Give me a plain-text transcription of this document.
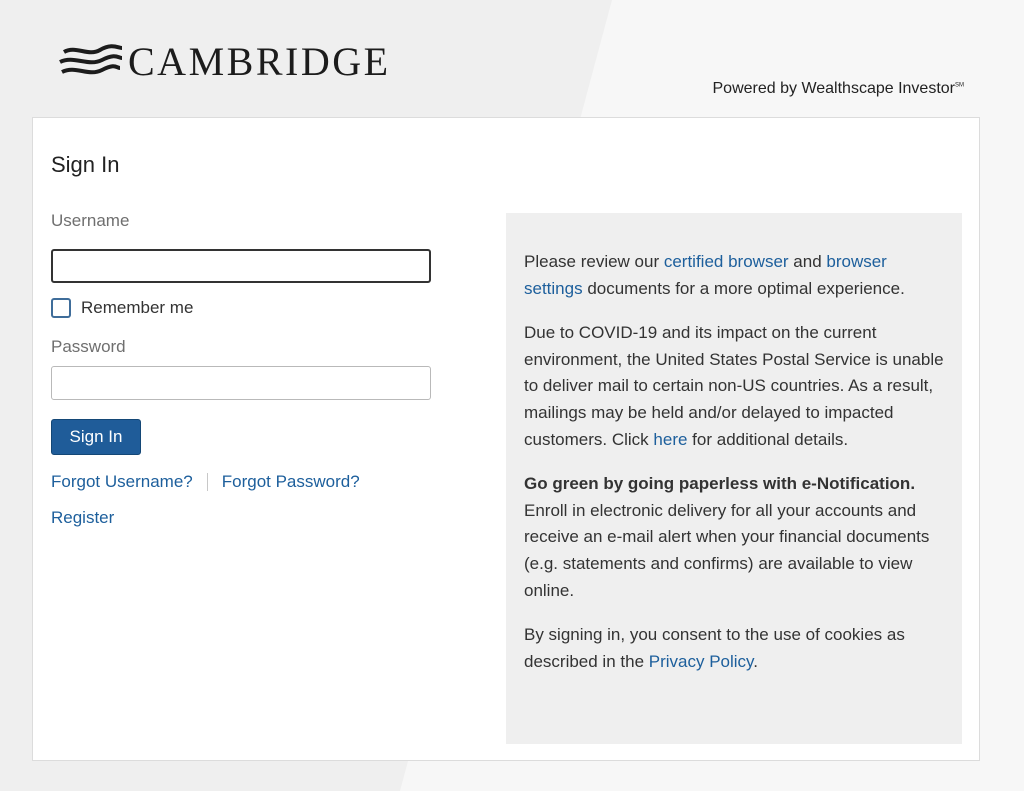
CAMBRIDGE
Powered by Wealthscape Investor℠
Sign In
Username
Remember me
Password
Sign In
Forgot Username? Forgot Password?
Register

Please review our certified browser and browser settings documents for a more optimal experience.

Due to COVID-19 and its impact on the current environment, the United States Postal Service is unable to deliver mail to certain non-US countries. As a result, mailings may be held and/or delayed to impacted customers. Click here for additional details.

Go green by going paperless with e-Notification. Enroll in electronic delivery for all your accounts and receive an e-mail alert when your financial documents (e.g. statements and confirms) are available to view online.

By signing in, you consent to the use of cookies as described in the Privacy Policy.
